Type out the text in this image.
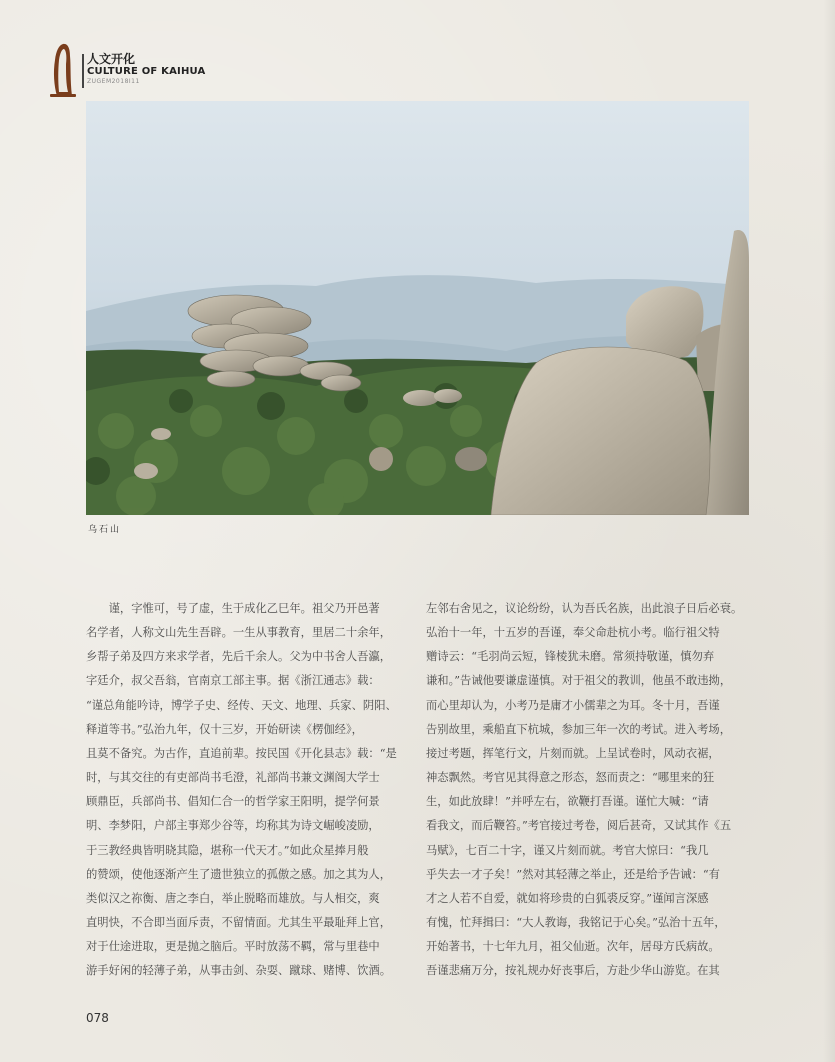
人文开化
CULTURE OF KAIHUA
ZUGEM2018I11
乌石山

　　谨，字惟可，号了虚，生于成化乙巳年。祖父乃开邑著

名学者，人称文山先生吾辟。一生从事教育，里居二十余年，

乡帮子弟及四方来求学者，先后千余人。父为中书舍人吾瀛，

字廷介，叔父吾翁，官南京工部主事。据《浙江通志》载：

“谨总角能吟诗，博学子史、经传、天文、地理、兵家、阴阳、

释道等书。”弘治九年，仅十三岁，开始研读《楞伽经》，

且莫不备究。为古作，直追前辈。按民国《开化县志》载：“是

时，与其交往的有吏部尚书毛澄，礼部尚书兼文渊阁大学士

顾鼎臣，兵部尚书、倡知仁合一的哲学家王阳明，提学何景

明、李梦阳，户部主事郑少谷等，均称其为诗文崛峻凌励，

于三教经典皆明晓其隐，堪称一代天才。”如此众星捧月般

的赞颂，使他逐渐产生了遗世独立的孤傲之感。加之其为人，

类似汉之祢衡、唐之李白，举止脱略而雄放。与人相交，爽

直明快，不合即当面斥责，不留情面。尤其生平最耻拜上官，

对于仕途进取，更是抛之脑后。平时放荡不羁，常与里巷中

游手好闲的轻薄子弟，从事击剑、杂耍、蹴球、赌博、饮酒。

左邻右舍见之，议论纷纷，认为吾氏名族，出此浪子日后必衰。

弘治十一年，十五岁的吾谨，奉父命赴杭小考。临行祖父特

赠诗云：“毛羽尚云短，锋棱犹未磨。常须持敬谨，慎勿弃

谦和。”告诫他要谦虚谨慎。对于祖父的教训，他虽不敢违拗，

而心里却认为，小考乃是庸才小儒辈之为耳。冬十月，吾谨

告别故里，乘船直下杭城，参加三年一次的考试。进入考场，

接过考题，挥笔行文，片刻而就。上呈试卷时，风动衣裾，

神态飘然。考官见其得意之形态，怒而责之：“哪里来的狂

生，如此放肆！”并呼左右，欲鞭打吾谨。谨忙大喊：“请

看我文，而后鞭笞。”考官接过考卷，阅后甚奇，又试其作《五

马赋》，七百二十字，谨又片刻而就。考官大惊曰：“我几

乎失去一才子矣！”然对其轻薄之举止，还是给予告诫：“有

才之人若不自爱，就如将珍贵的白狐裘反穿。”谨闻言深感

有愧，忙拜揖曰：“大人教诲，我铭记于心矣。”弘治十五年，

开始著书，十七年九月，祖父仙逝。次年，居母方氏病故。

吾谨悲痛万分，按礼规办好丧事后，方赴少华山游览。在其

078
